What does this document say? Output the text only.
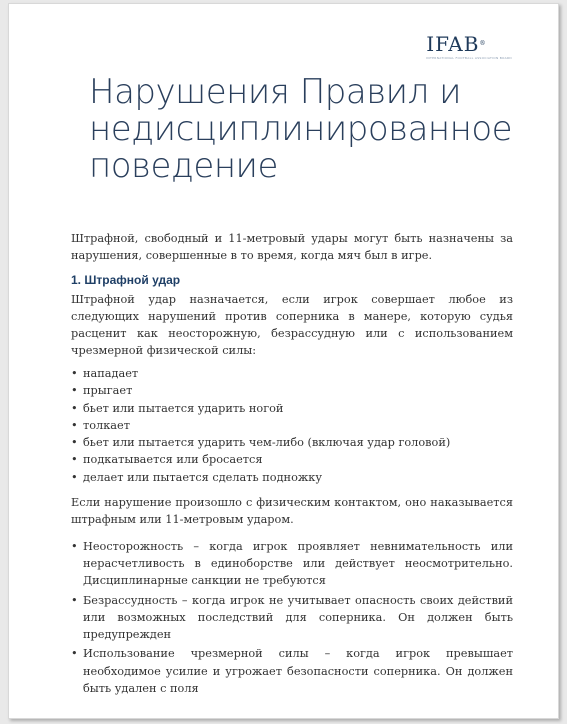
IFAB®
INTERNATIONAL FOOTBALL ASSOCIATION BOARD
Нарушения Правил и недисциплинированное поведение

Штрафной, свободный и 11-метровый удары могут быть назначены за нарушения, совершенные в то время, когда мяч был в игре.

1. Штрафной удар

Штрафной удар назначается, если игрок совершает любое из следующих нарушений против соперника в манере, которую судья расценит как неосторожную, безрассудную или с использованием чрезмерной физической силы:

• нападает
• прыгает
• бьет или пытается ударить ногой
• толкает
• бьет или пытается ударить чем-либо (включая удар головой)
• подкатывается или бросается
• делает или пытается сделать подножку

Если нарушение произошло с физическим контактом, оно наказывается штрафным или 11-метровым ударом.

• Неосторожность – когда игрок проявляет невнимательность или нерасчетливость в единоборстве или действует неосмотрительно. Дисциплинарные санкции не требуются
• Безрассудность – когда игрок не учитывает опасность своих действий или возможных последствий для соперника. Он должен быть предупрежден
• Использование чрезмерной силы – когда игрок превышает необходимое усилие и угрожает безопасности соперника. Он должен быть удален с поля
